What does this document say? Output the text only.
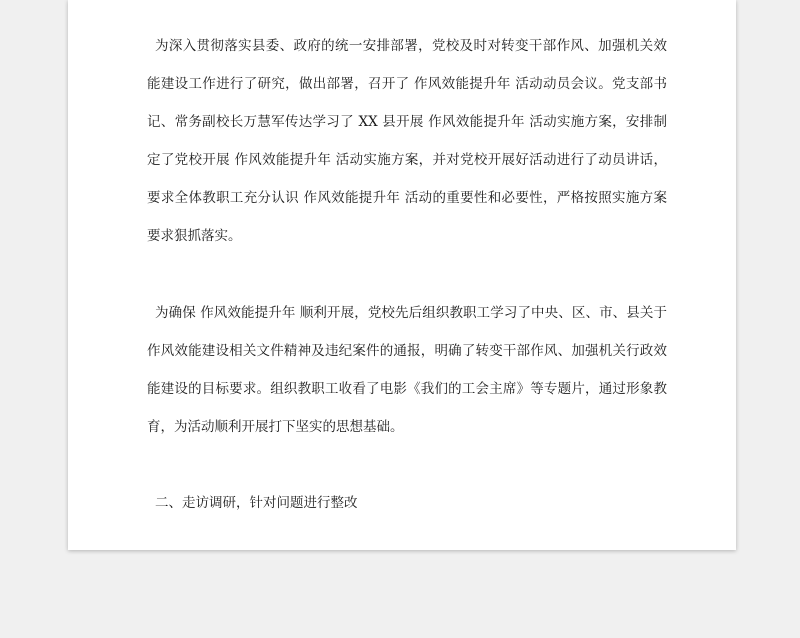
为深入贯彻落实县委、政府的统一安排部署，党校及时对转变干部作风、加强机关效能建设工作进行了研究，做出部署，召开了 作风效能提升年 活动动员会议。党支部书记、常务副校长万慧军传达学习了 XX 县开展 作风效能提升年 活动实施方案，安排制定了党校开展 作风效能提升年 活动实施方案，并对党校开展好活动进行了动员讲话，要求全体教职工充分认识 作风效能提升年 活动的重要性和必要性，严格按照实施方案要求狠抓落实。

为确保 作风效能提升年 顺利开展，党校先后组织教职工学习了中央、区、市、县关于作风效能建设相关文件精神及违纪案件的通报，明确了转变干部作风、加强机关行政效能建设的目标要求。组织教职工收看了电影《我们的工会主席》等专题片，通过形象教育，为活动顺利开展打下坚实的思想基础。

二、走访调研，针对问题进行整改
